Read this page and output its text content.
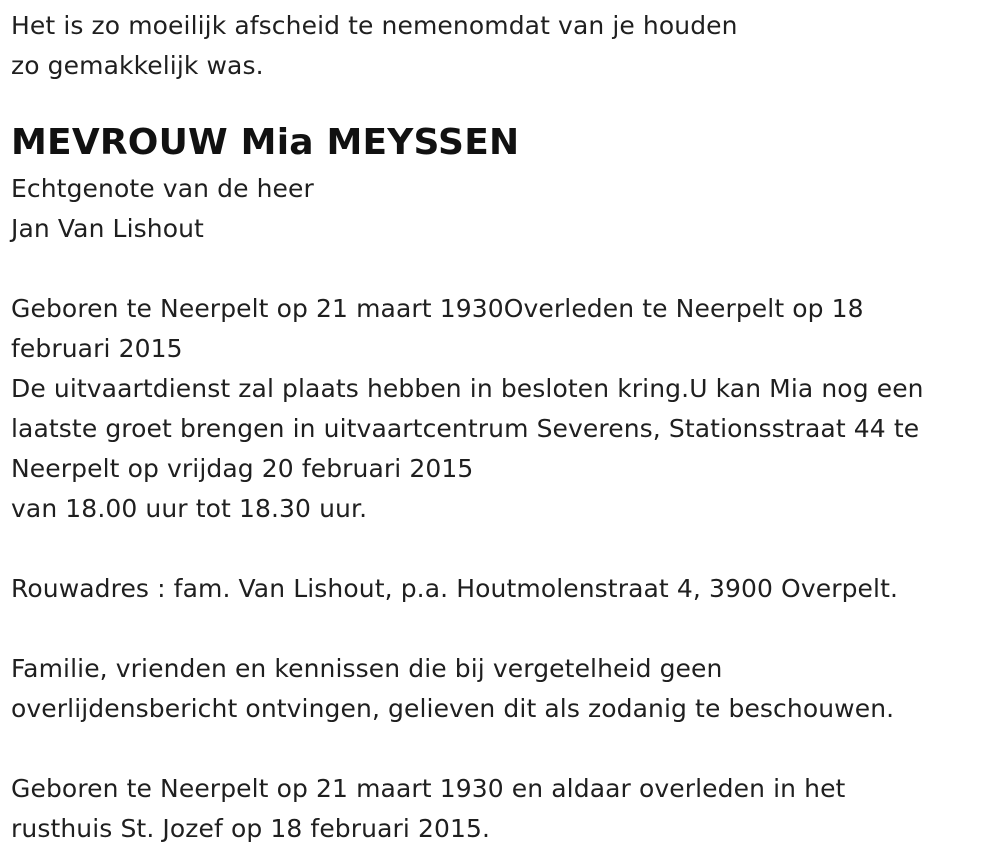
Het is zo moeilijk afscheid te nemenomdat van je houden
zo gemakkelijk was.
MEVROUW Mia MEYSSEN
Echtgenote van de heer
Jan Van Lishout
Geboren te Neerpelt op 21 maart 1930Overleden te Neerpelt op 18
februari 2015
De uitvaartdienst zal plaats hebben in besloten kring.U kan Mia nog een
laatste groet brengen in uitvaartcentrum Severens, Stationsstraat 44 te
Neerpelt op vrijdag 20 februari 2015
van 18.00 uur tot 18.30 uur.
Rouwadres : fam. Van Lishout, p.a. Houtmolenstraat 4, 3900 Overpelt.
Familie, vrienden en kennissen die bij vergetelheid geen
overlijdensbericht ontvingen, gelieven dit als zodanig te beschouwen.
Geboren te Neerpelt op 21 maart 1930 en aldaar overleden in het
rusthuis St. Jozef op 18 februari 2015.
